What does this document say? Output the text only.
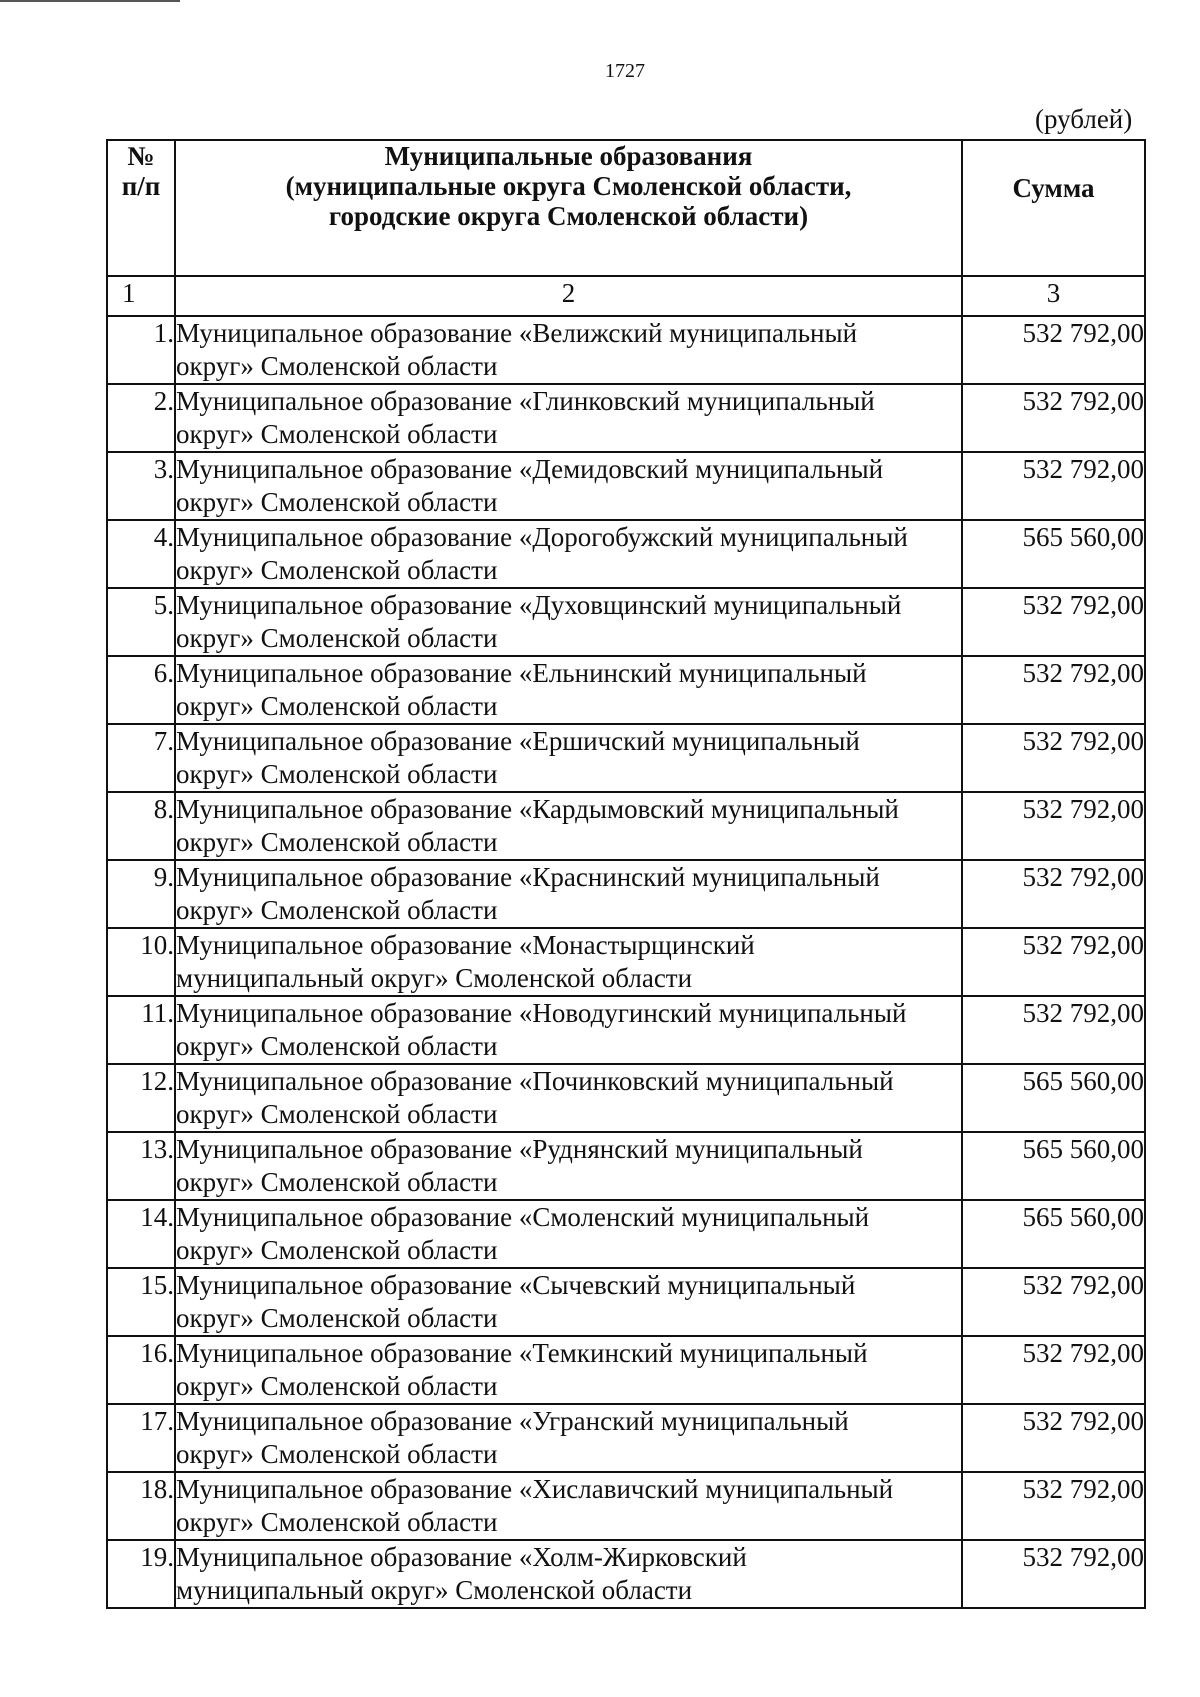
1727
(рублей)
№
п/п	Муниципальные образования
(муниципальные округа Смоленской области,
городские округа Смоленской области)	Сумма
1	2	3
1.	Муниципальное образование «Велижский муниципальный
округ» Смоленской области	532 792,00
2.	Муниципальное образование «Глинковский муниципальный
округ» Смоленской области	532 792,00
3.	Муниципальное образование «Демидовский муниципальный
округ» Смоленской области	532 792,00
4.	Муниципальное образование «Дорогобужский муниципальный
округ» Смоленской области	565 560,00
5.	Муниципальное образование «Духовщинский муниципальный
округ» Смоленской области	532 792,00
6.	Муниципальное образование «Ельнинский муниципальный
округ» Смоленской области	532 792,00
7.	Муниципальное образование «Ершичский муниципальный
округ» Смоленской области	532 792,00
8.	Муниципальное образование «Кардымовский муниципальный
округ» Смоленской области	532 792,00
9.	Муниципальное образование «Краснинский муниципальный
округ» Смоленской области	532 792,00
10.	Муниципальное образование «Монастырщинский
муниципальный округ» Смоленской области	532 792,00
11.	Муниципальное образование «Новодугинский муниципальный
округ» Смоленской области	532 792,00
12.	Муниципальное образование «Починковский муниципальный
округ» Смоленской области	565 560,00
13.	Муниципальное образование «Руднянский муниципальный
округ» Смоленской области	565 560,00
14.	Муниципальное образование «Смоленский муниципальный
округ» Смоленской области	565 560,00
15.	Муниципальное образование «Сычевский муниципальный
округ» Смоленской области	532 792,00
16.	Муниципальное образование «Темкинский муниципальный
округ» Смоленской области	532 792,00
17.	Муниципальное образование «Угранский муниципальный
округ» Смоленской области	532 792,00
18.	Муниципальное образование «Хиславичский муниципальный
округ» Смоленской области	532 792,00
19.	Муниципальное образование «Холм-Жирковский
муниципальный округ» Смоленской области	532 792,00
